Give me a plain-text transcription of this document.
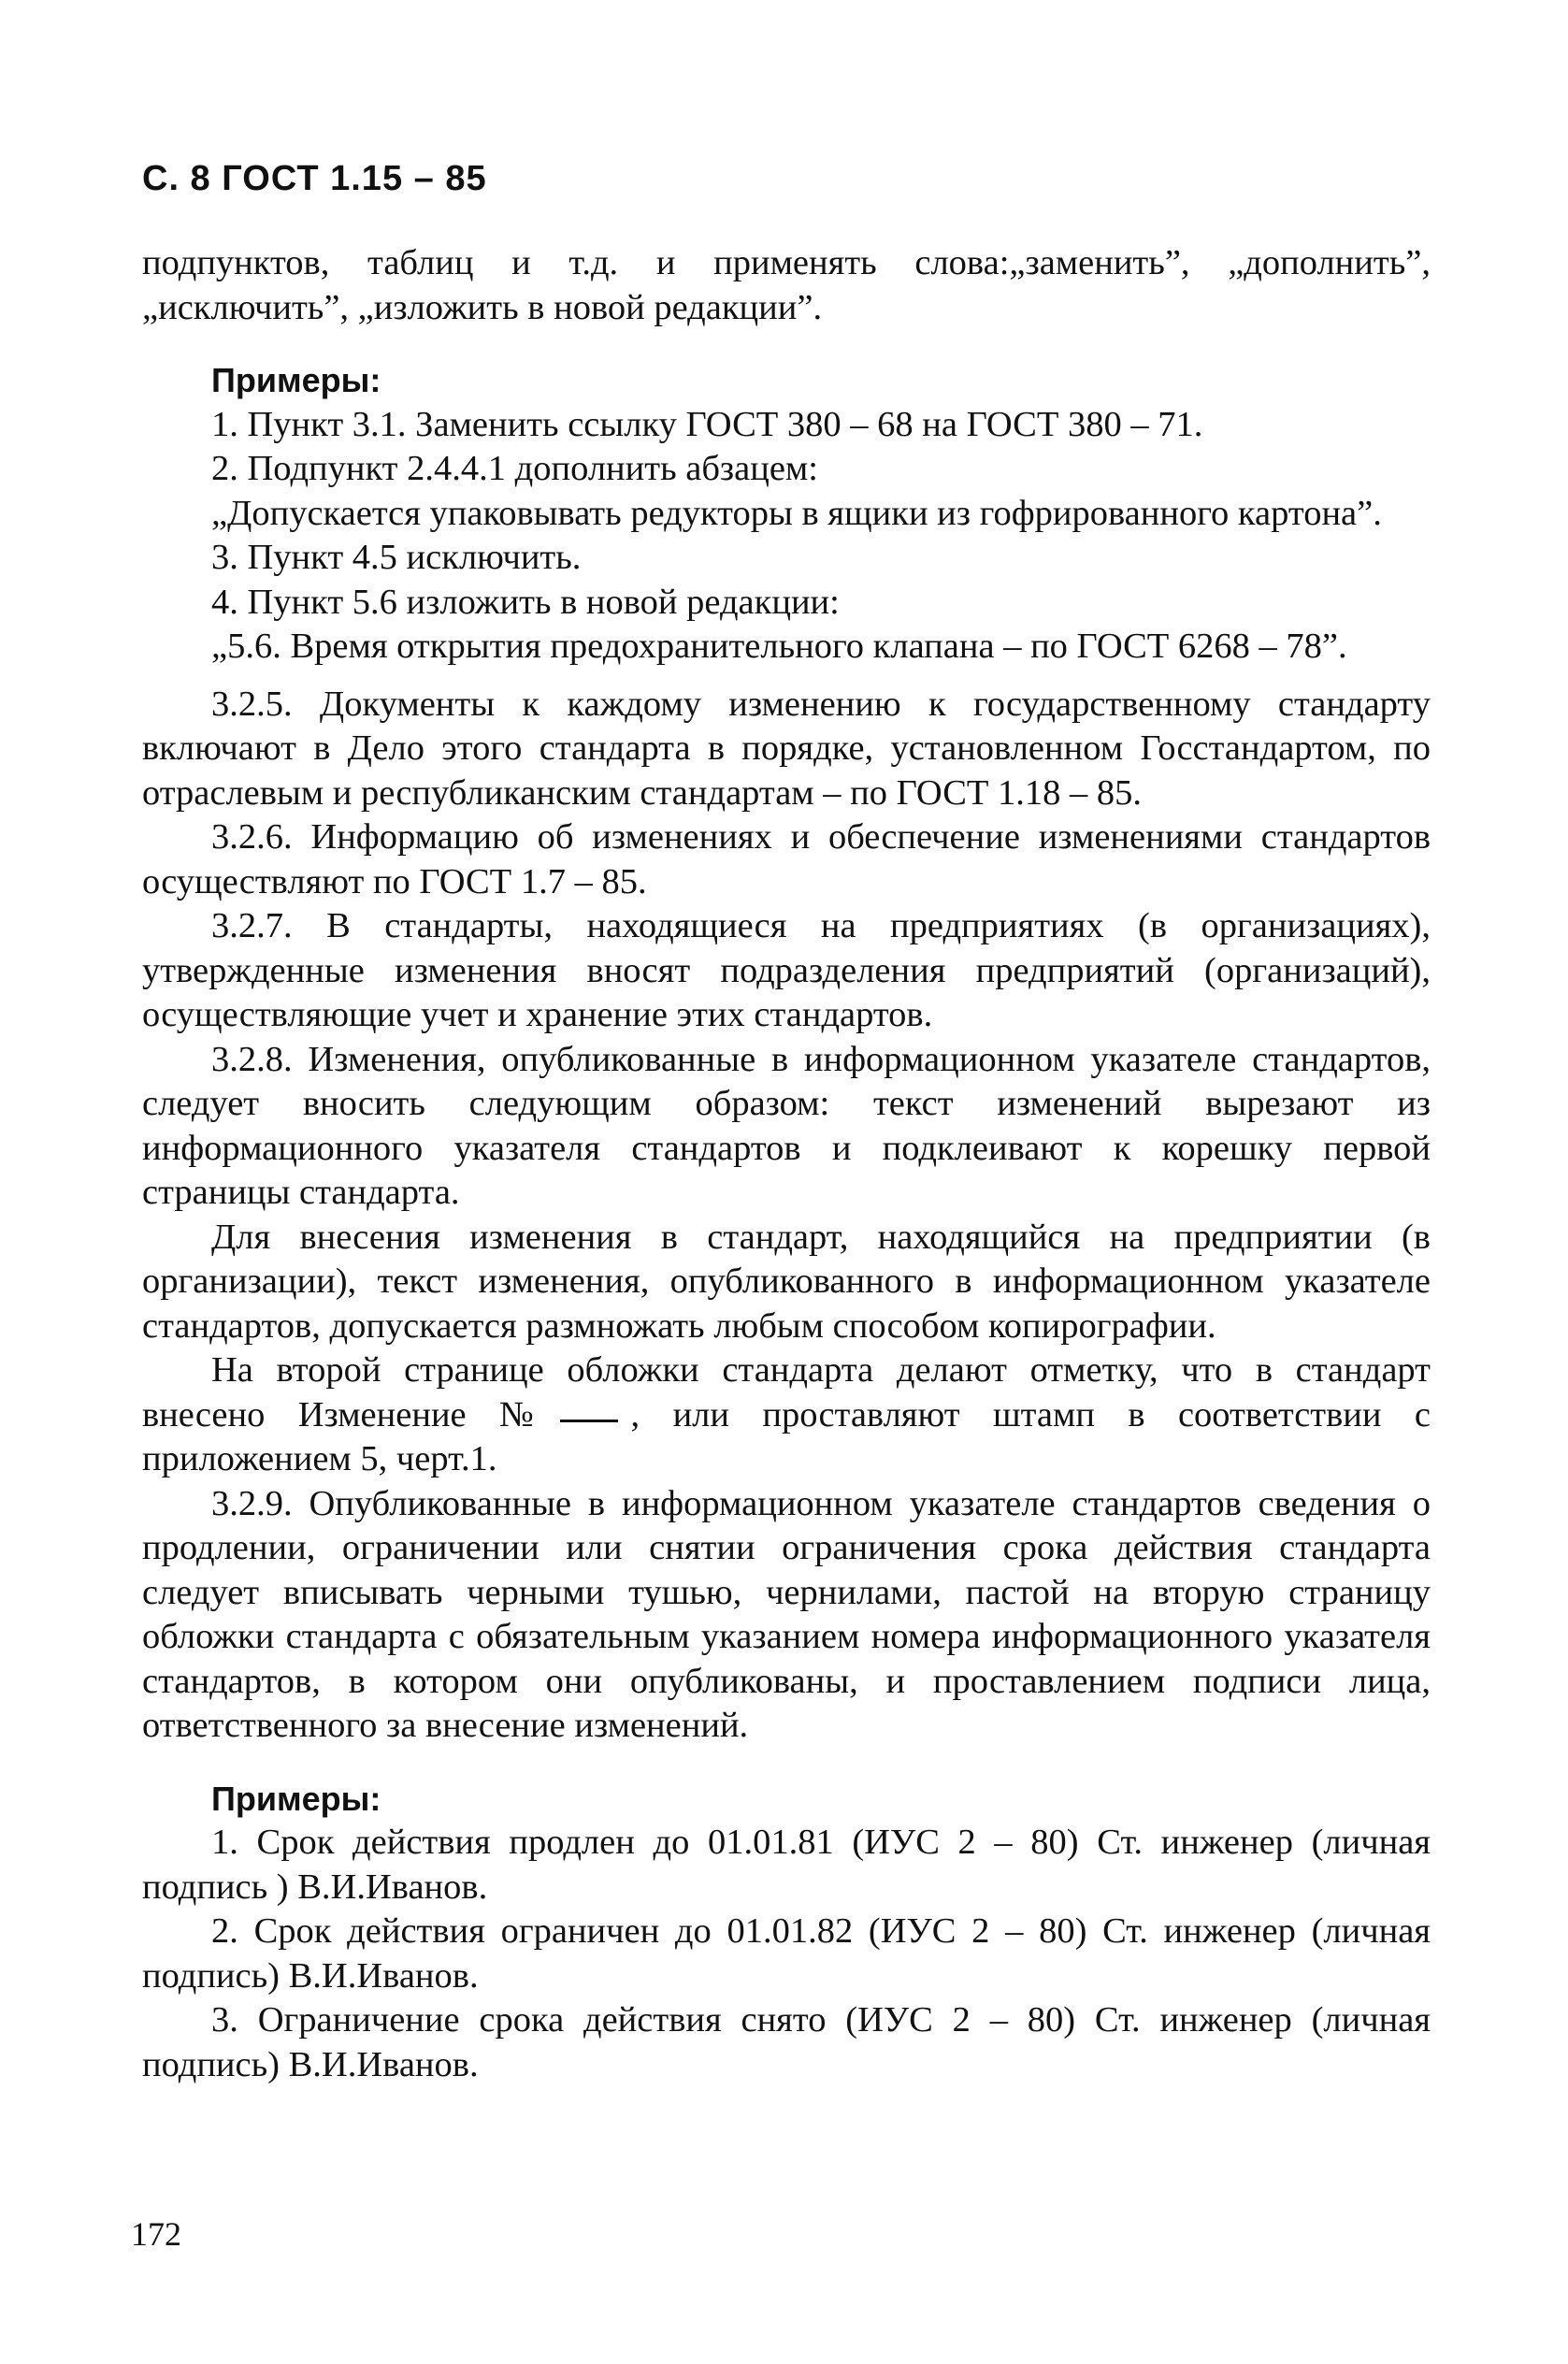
С. 8 ГОСТ 1.15 – 85

подпунктов, таблиц и т.д. и применять слова:„заменить”, „дополнить”, „исключить”, „изложить в новой редакции”.

Примеры:

1. Пункт 3.1. Заменить ссылку ГОСТ 380 – 68 на ГОСТ 380 – 71.

2. Подпункт 2.4.4.1 дополнить абзацем:

„Допускается упаковывать редукторы в ящики из гофрированного картона”.

3. Пункт 4.5 исключить.

4. Пункт 5.6 изложить в новой редакции:

„5.6. Время открытия предохранительного клапана – по ГОСТ 6268 – 78”.

3.2.5. Документы к каждому изменению к государственному стандарту включают в Дело этого стандарта в порядке, установленном Госстандартом, по отраслевым и республиканским стандартам – по ГОСТ 1.18 – 85.

3.2.6. Информацию об изменениях и обеспечение изменениями стандартов осуществляют по ГОСТ 1.7 – 85.

3.2.7. В стандарты, находящиеся на предприятиях (в организациях), утвержденные изменения вносят подразделения предприятий (организаций), осуществляющие учет и хранение этих стандартов.

3.2.8. Изменения, опубликованные в информационном указателе стандартов, следует вносить следующим образом: текст изменений вырезают из информационного указателя стандартов и подклеивают к корешку первой страницы стандарта.

Для внесения изменения в стандарт, находящийся на предприятии (в организации), текст изменения, опубликованного в информационном указателе стандартов, допускается размножать любым способом копирографии.

На второй странице обложки стандарта делают отметку, что в стандарт внесено Изменение № , или проставляют штамп в соответствии с приложением 5, черт.1.

3.2.9. Опубликованные в информационном указателе стандартов сведения о продлении, ограничении или снятии ограничения срока действия стандарта следует вписывать черными тушью, чернилами, пастой на вторую страницу обложки стандарта с обязательным указанием номера информационного указателя стандартов, в котором они опубликованы, и проставлением подписи лица, ответственного за внесение изменений.

Примеры:

1. Срок действия продлен до 01.01.81 (ИУС 2 – 80) Ст. инженер (личная подпись ) В.И.Иванов.

2. Срок действия ограничен до 01.01.82 (ИУС 2 – 80) Ст. инженер (личная подпись) В.И.Иванов.

3. Ограничение срока действия снято (ИУС 2 – 80) Ст. инженер (личная подпись) В.И.Иванов.

172
